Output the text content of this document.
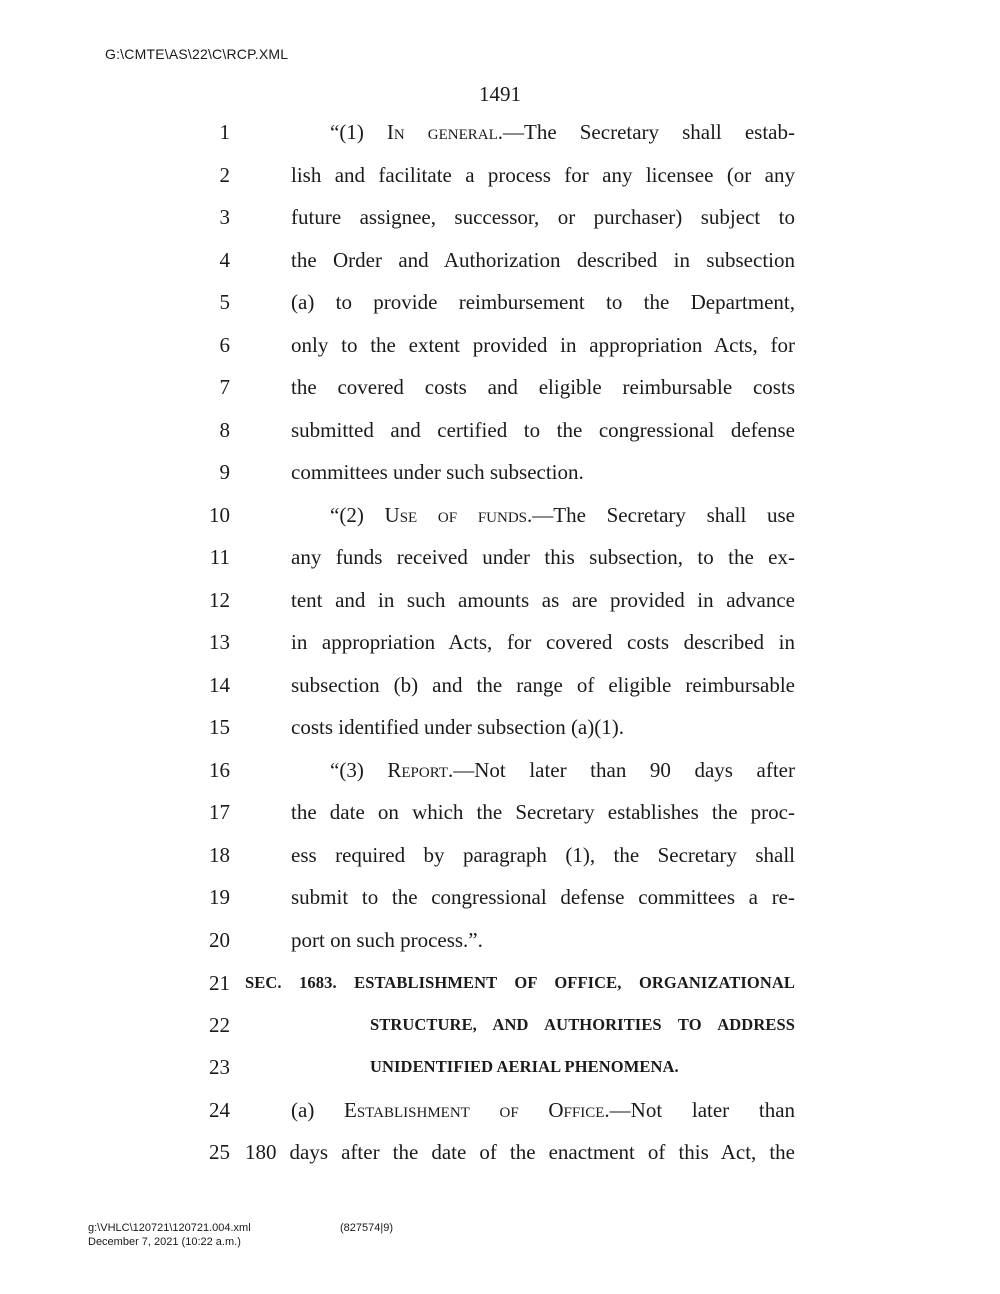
G:\CMTE\AS\22\C\RCP.XML
1491
1	“(1) In general.—The Secretary shall estab-
2	lish and facilitate a process for any licensee (or any
3	future assignee, successor, or purchaser) subject to
4	the Order and Authorization described in subsection
5	(a) to provide reimbursement to the Department,
6	only to the extent provided in appropriation Acts, for
7	the covered costs and eligible reimbursable costs
8	submitted and certified to the congressional defense
9	committees under such subsection.
10	“(2) Use of funds.—The Secretary shall use
11	any funds received under this subsection, to the ex-
12	tent and in such amounts as are provided in advance
13	in appropriation Acts, for covered costs described in
14	subsection (b) and the range of eligible reimbursable
15	costs identified under subsection (a)(1).
16	“(3) Report.—Not later than 90 days after
17	the date on which the Secretary establishes the proc-
18	ess required by paragraph (1), the Secretary shall
19	submit to the congressional defense committees a re-
20	port on such process.”.
21 SEC. 1683. ESTABLISHMENT OF OFFICE, ORGANIZATIONAL
22	STRUCTURE, AND AUTHORITIES TO ADDRESS
23	UNIDENTIFIED AERIAL PHENOMENA.
24	(a) Establishment of Office.—Not later than
25 180 days after the date of the enactment of this Act, the
g:\VHLC\120721\120721.004.xml	(827574|9)
December 7, 2021 (10:22 a.m.)
